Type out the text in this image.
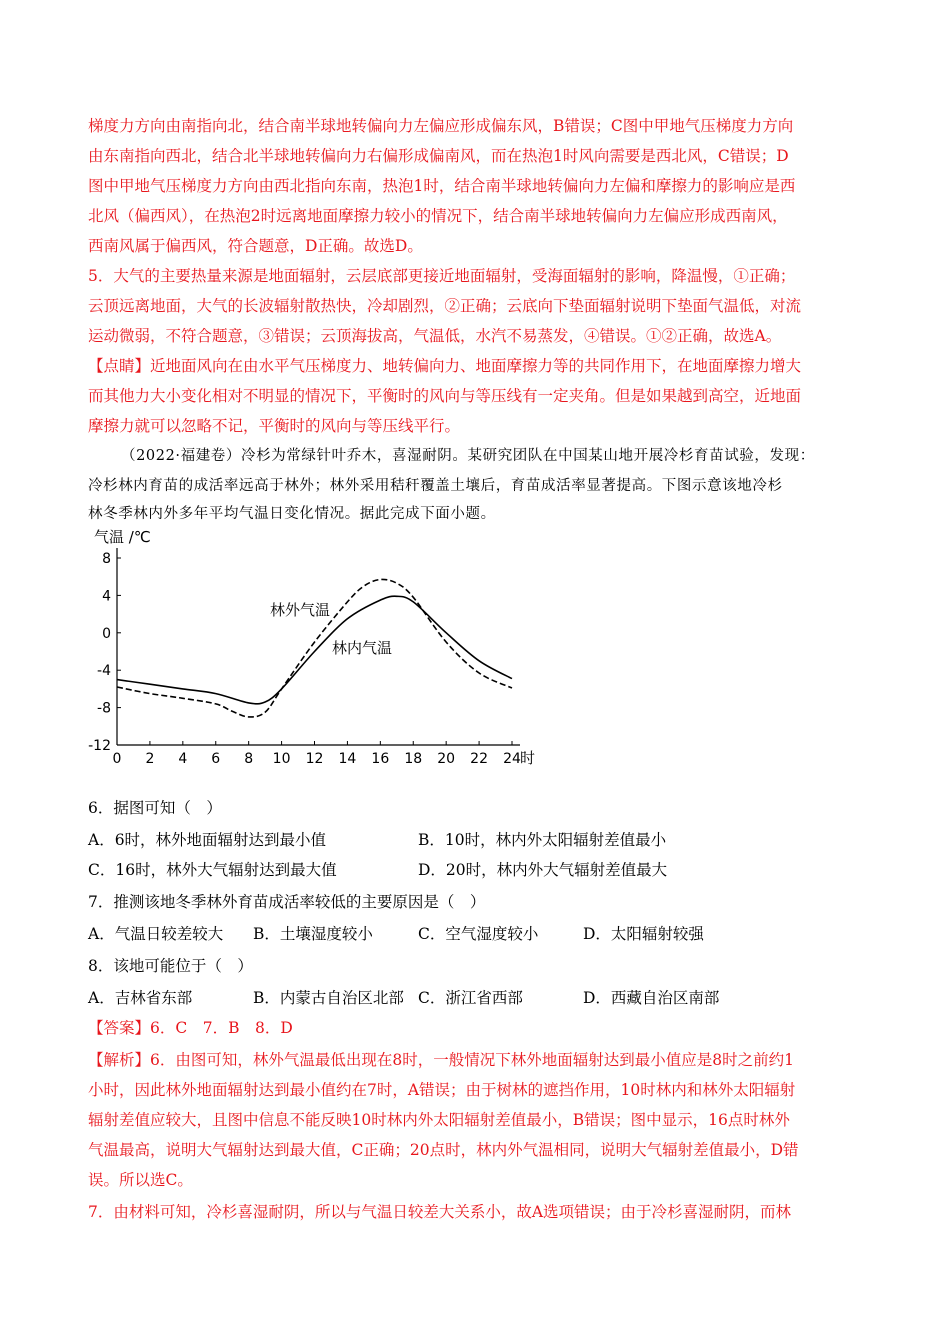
梯度力方向由南指向北，结合南半球地转偏向力左偏应形成偏东风，B错误；C图中甲地气压梯度力方向
由东南指向西北，结合北半球地转偏向力右偏形成偏南风，而在热泡1时风向需要是西北风，C错误；D
图中甲地气压梯度力方向由西北指向东南，热泡1时，结合南半球地转偏向力左偏和摩擦力的影响应是西
北风（偏西风），在热泡2时远离地面摩擦力较小的情况下，结合南半球地转偏向力左偏应形成西南风，
西南风属于偏西风，符合题意，D正确。故选D。
5．大气的主要热量来源是地面辐射，云层底部更接近地面辐射，受海面辐射的影响，降温慢，①正确；
云顶远离地面，大气的长波辐射散热快，冷却剧烈，②正确；云底向下垫面辐射说明下垫面气温低，对流
运动微弱，不符合题意，③错误；云顶海拔高，气温低，水汽不易蒸发，④错误。①②正确，故选A。
【点睛】近地面风向在由水平气压梯度力、地转偏向力、地面摩擦力等的共同作用下，在地面摩擦力增大
而其他力大小变化相对不明显的情况下，平衡时的风向与等压线有一定夹角。但是如果越到高空，近地面
摩擦力就可以忽略不记，平衡时的风向与等压线平行。
（2022·福建卷）冷杉为常绿针叶乔木，喜湿耐阴。某研究团队在中国某山地开展冷杉育苗试验，发现：
冷杉林内育苗的成活率远高于林外；林外采用秸秆覆盖土壤后，育苗成活率显著提高。下图示意该地冷杉
林冬季林内外多年平均气温日变化情况。据此完成下面小题。
8
4
0
-4
-8
-12
0 2 4 6 8 10 12 14 16 18 20 22 24
气温 /℃
时
林外气温
林内气温
6．据图可知（　）
A．6时，林外地面辐射达到最小值	B．10时，林内外太阳辐射差值最小
C．16时，林外大气辐射达到最大值	D．20时，林内外大气辐射差值最大
7．推测该地冬季林外育苗成活率较低的主要原因是（　）
A．气温日较差较大 B．土壤湿度较小	C．空气湿度较小	D．太阳辐射较强
8．该地可能位于（　）
A．吉林省东部	B．内蒙古自治区北部 C．浙江省西部	D．西藏自治区南部
【答案】6．C　7．B　8．D
【解析】6．由图可知，林外气温最低出现在8时，一般情况下林外地面辐射达到最小值应是8时之前约1
小时，因此林外地面辐射达到最小值约在7时，A错误；由于树林的遮挡作用，10时林内和林外太阳辐射
辐射差值应较大，且图中信息不能反映10时林内外太阳辐射差值最小，B错误；图中显示，16点时林外
气温最高，说明大气辐射达到最大值，C正确；20点时，林内外气温相同，说明大气辐射差值最小，D错
误。所以选C。
7．由材料可知，冷杉喜湿耐阴，所以与气温日较差大关系小，故A选项错误；由于冷杉喜湿耐阴，而林
